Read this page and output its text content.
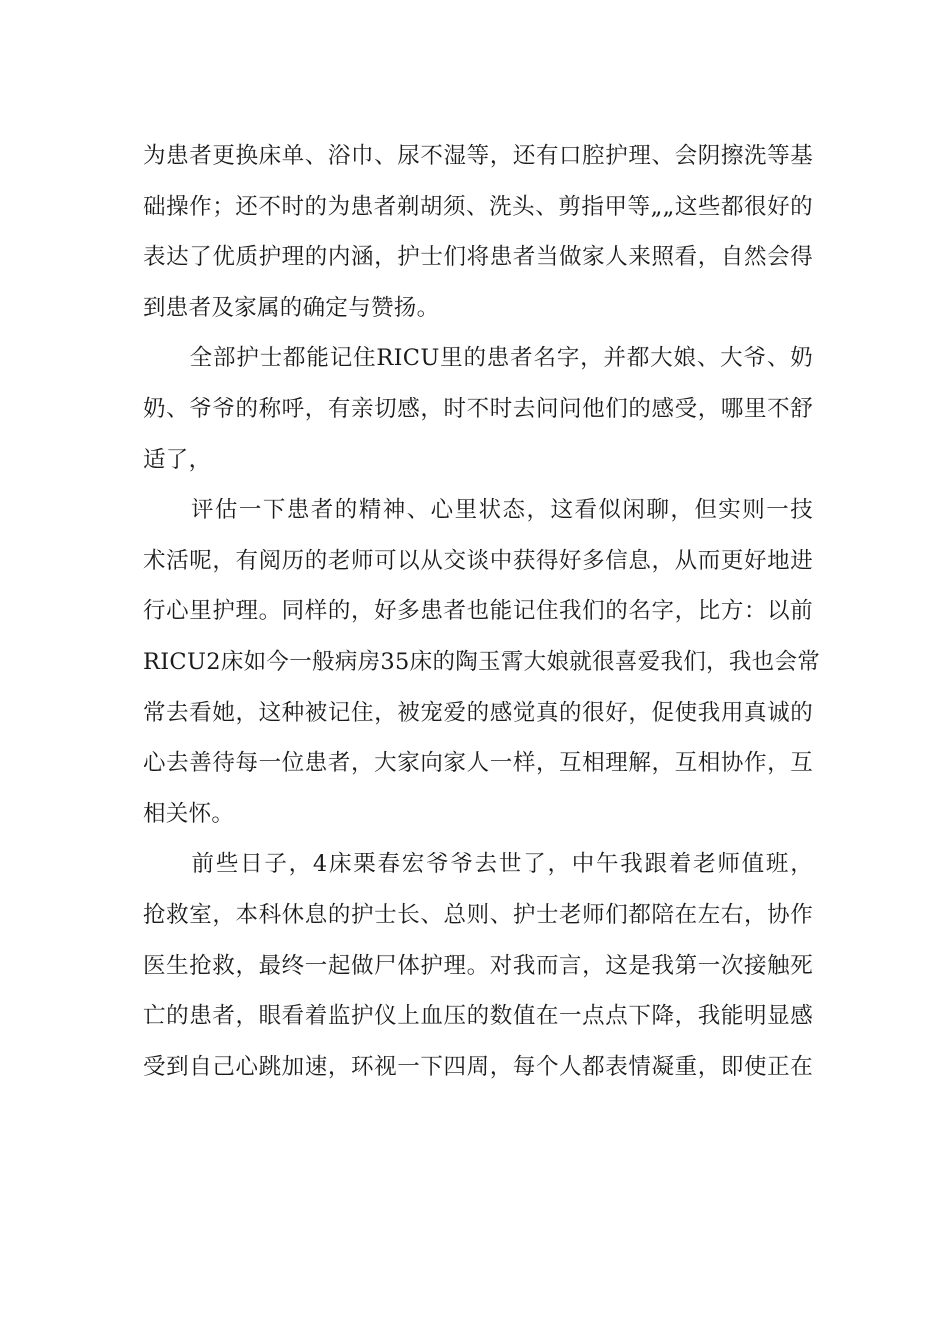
为患者更换床单、浴巾、尿不湿等，还有口腔护理、会阴擦洗等基
础操作；还不时的为患者剃胡须、洗头、剪指甲等„„这些都很好的
表达了优质护理的内涵，护士们将患者当做家人来照看，自然会得
到患者及家属的确定与赞扬。
　　全部护士都能记住RICU里的患者名字，并都大娘、大爷、奶
奶、爷爷的称呼，有亲切感，时不时去问问他们的感受，哪里不舒
适了，
　　评估一下患者的精神、心里状态，这看似闲聊，但实则一技
术活呢，有阅历的老师可以从交谈中获得好多信息，从而更好地进
行心里护理。同样的，好多患者也能记住我们的名字，比方：以前
RICU2床如今一般病房35床的陶玉霄大娘就很喜爱我们，我也会常
常去看她，这种被记住，被宠爱的感觉真的很好，促使我用真诚的
心去善待每一位患者，大家向家人一样，互相理解，互相协作，互
相关怀。
　　前些日子，4床栗春宏爷爷去世了，中午我跟着老师值班，
抢救室，本科休息的护士长、总则、护士老师们都陪在左右，协作
医生抢救，最终一起做尸体护理。对我而言，这是我第一次接触死
亡的患者，眼看着监护仪上血压的数值在一点点下降，我能明显感
受到自己心跳加速，环视一下四周，每个人都表情凝重，即使正在
